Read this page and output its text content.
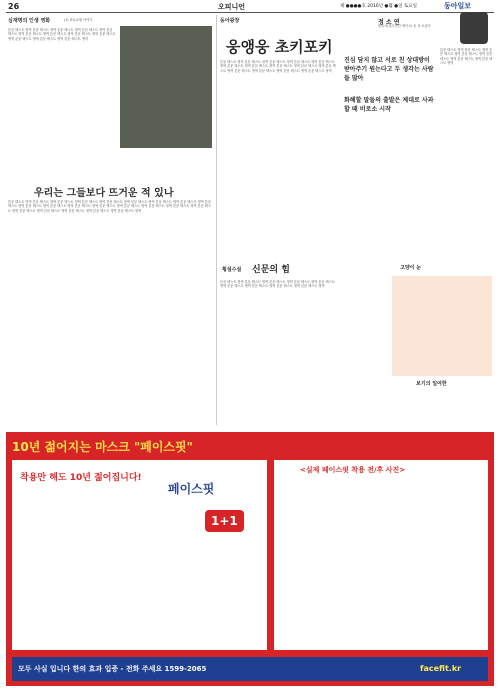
26	오피니언	제 ●●●●호 2016년 ●월 ●일 토요일	동아일보
심재명의 인생 영화	(1) 피로교체 이야기
본문 텍스트 영역 본문 텍스트 영역 본문 텍스트 영역 본문 텍스트 영역 본문 텍스트 영역 본문 텍스트 영역 본문 텍스트 영역 본문 텍스트 영역 본문 텍스트 영역 본문 텍스트 영역 본문 텍스트 영역 본문 텍스트 영역
우리는 그들보다 뜨거운 적 있나
본문 텍스트 영역 본문 텍스트 영역 본문 텍스트 영역 본문 텍스트 영역 본문 텍스트 영역 본문 텍스트 영역 본문 텍스트 영역 본문 텍스트 영역 본문 텍스트 영역 본문 텍스트 영역 본문 텍스트 영역 본문 텍스트 영역 본문 텍스트 영역 본문 텍스트 영역 본문 텍스트 영역 본문 텍스트 영역 본문 텍스트 영역 본문 텍스트 영역 본문 텍스트 영역 본문 텍스트 영역 본문 텍스트 영역 본문 텍스트 영역
동아광장
웅앵웅 초키포키
본문 텍스트 영역 본문 텍스트 영역 본문 텍스트 영역 본문 텍스트 영역 본문 텍스트 영역 본문 텍스트 영역 본문 텍스트 영역 본문 텍스트 영역 본문 텍스트 영역 본문 텍스트 영역 본문 텍스트 영역 본문 텍스트 영역 본문 텍스트 영역 본문 텍스트 영역
진심 담지 않고 서로 친 상대방이 받아주기 원는다고 두 생각는 사람들 많아
화해할 말들의 출발은 제대로 사과할 때 비로소 시작
횡설수설 신문의 힘
본문 텍스트 영역 본문 텍스트 영역 본문 텍스트 영역 본문 텍스트 영역 본문 텍스트 영역 본문 텍스트 영역 본문 텍스트 영역 본문 텍스트 영역 본문 텍스트 영역
정 소 연
변호사(법무법인 에이스) 동 상 소송사
본문 텍스트 영역 본문 텍스트 영역 본문 텍스트 영역 본문 텍스트 영역 본문 텍스트 영역 본문 텍스트 영역 본문 텍스트 영역
고양이 눈
보기의 일여한
10년 젊어지는 마스크 "페이스핏"
착용만 해도 10년 젊어집니다!
<실제 페이스핏 착용 전/후 사진>
페이스핏
1+1
모두 사실 입니다 한의 효과 입증 - 전화 주세요 1599-2065	facefit.kr
